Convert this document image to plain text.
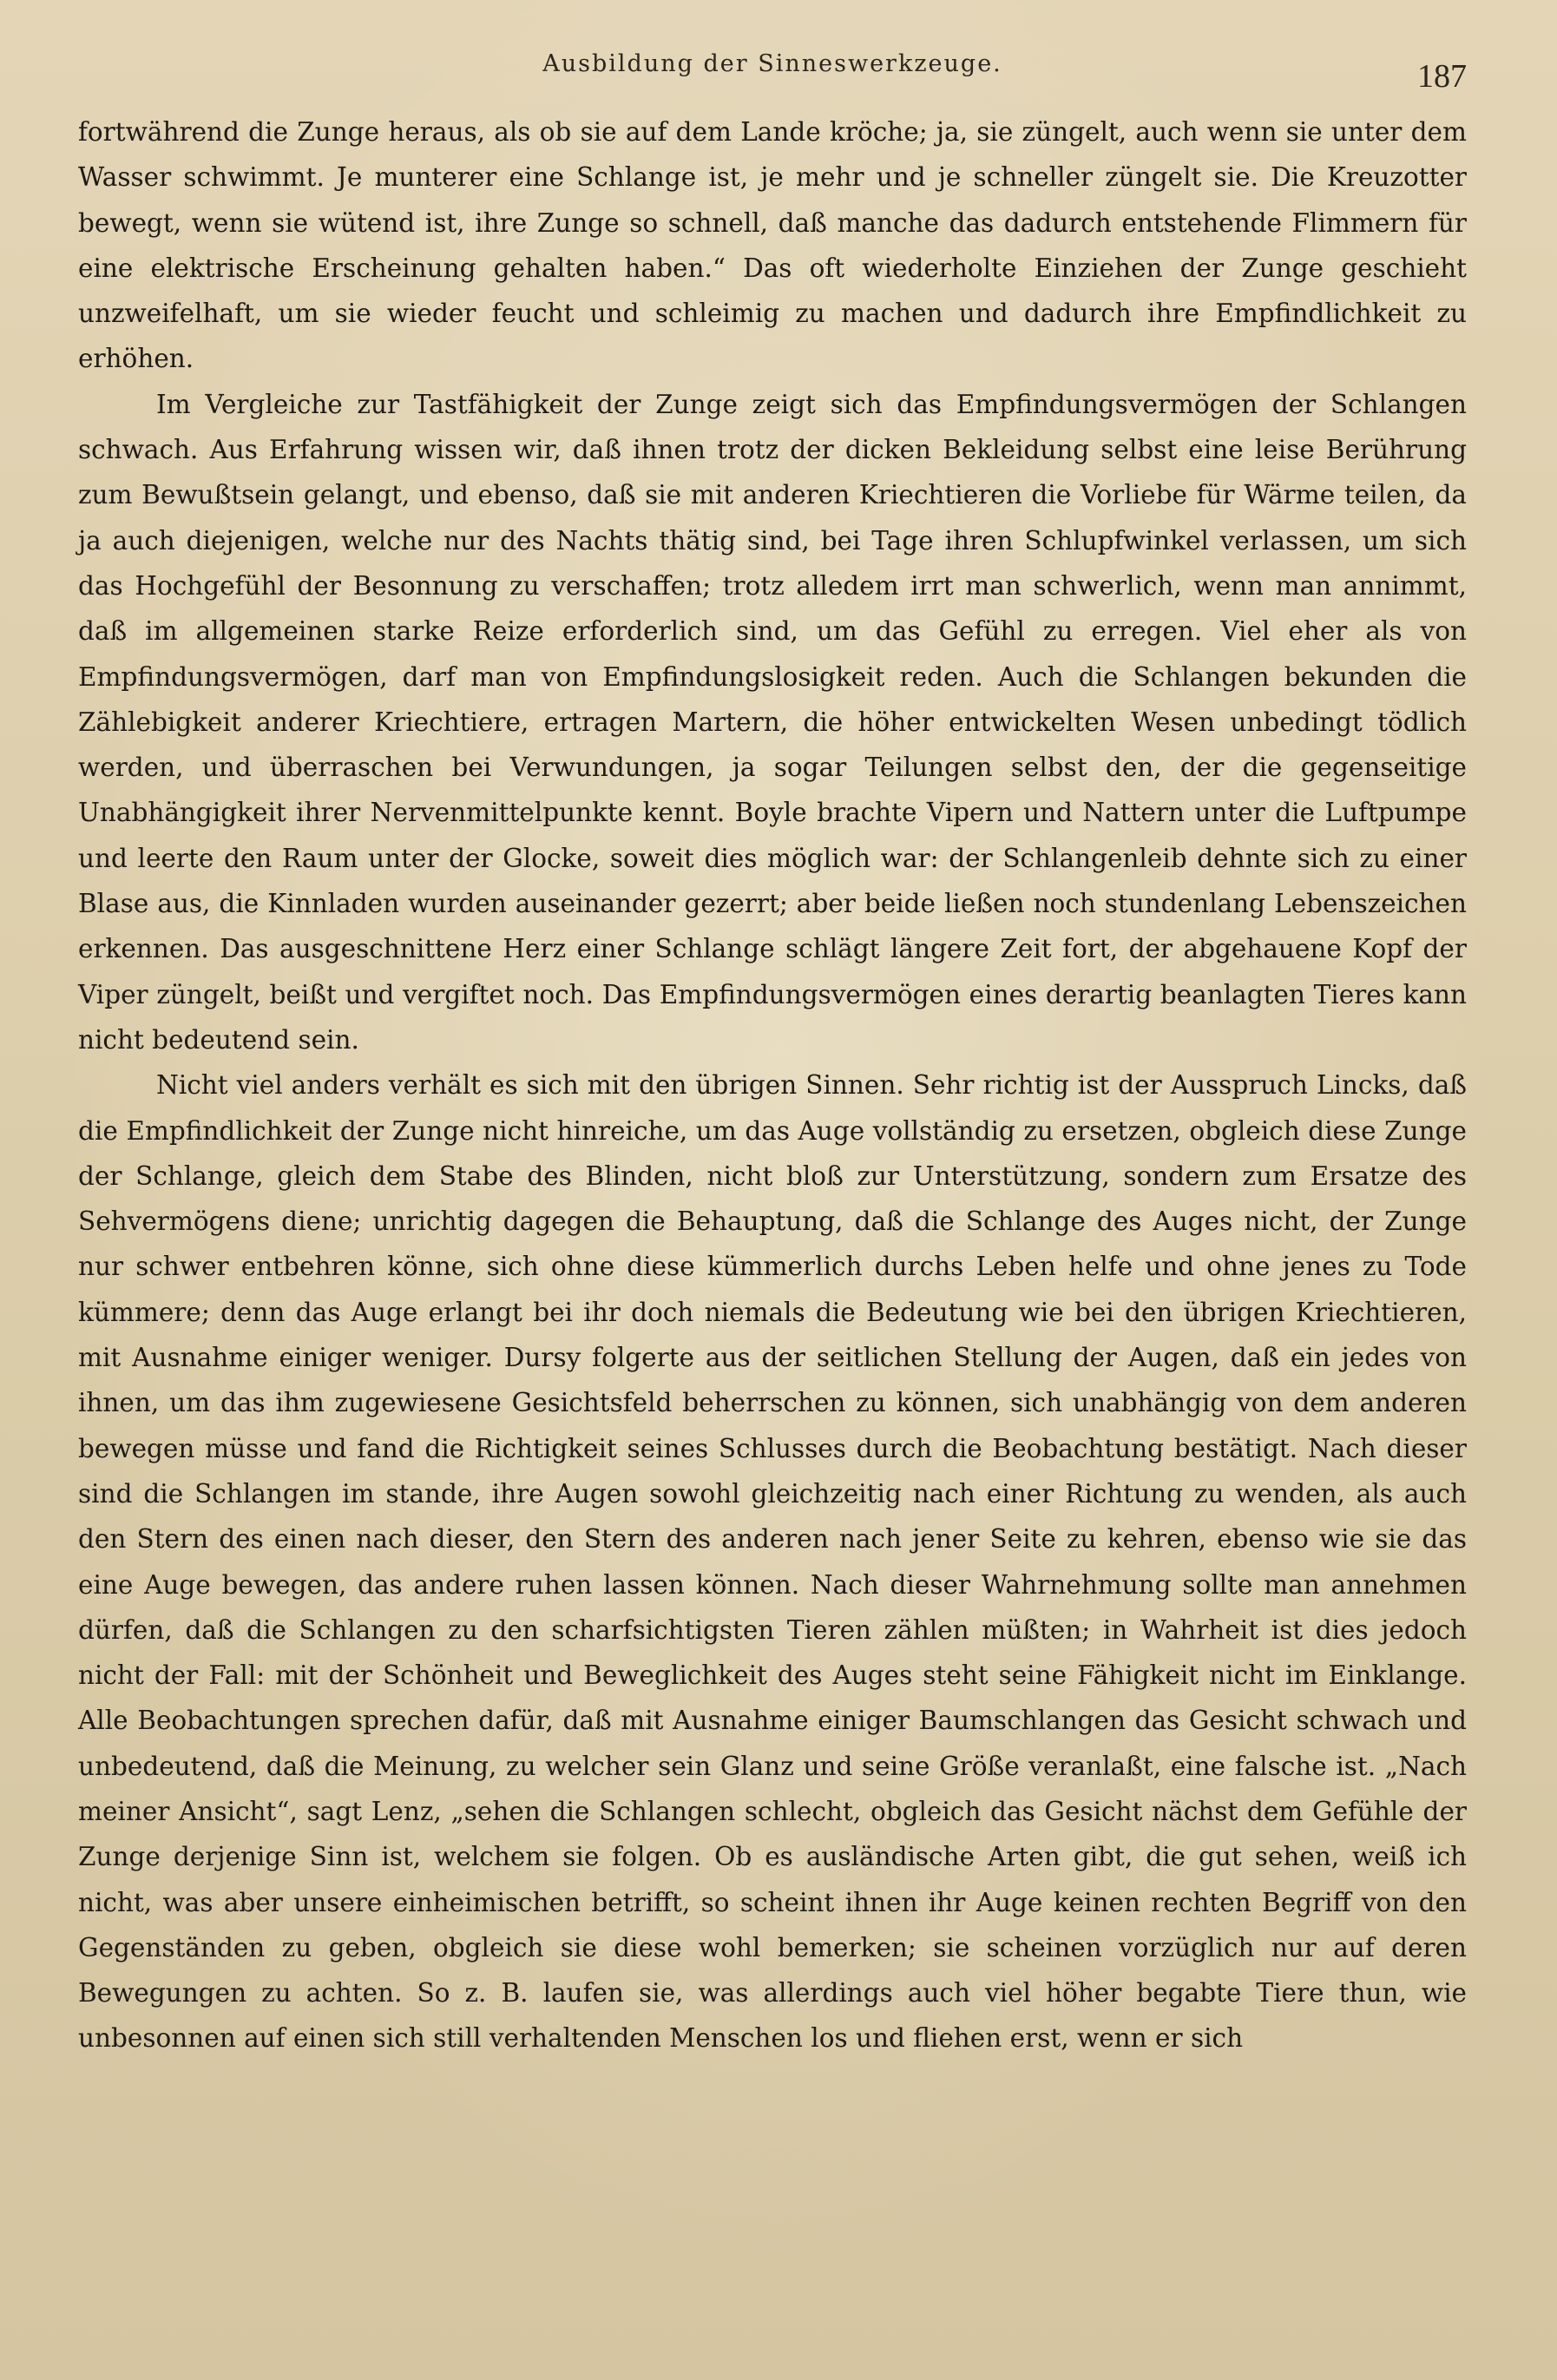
Ausbildung der Sinneswerkzeuge.	187

fortwährend die Zunge heraus, als ob sie auf dem Lande kröche; ja, sie züngelt, auch wenn sie unter dem Wasser schwimmt. Je munterer eine Schlange ist, je mehr und je schneller züngelt sie. Die Kreuzotter bewegt, wenn sie wütend ist, ihre Zunge so schnell, daß manche das dadurch entstehende Flimmern für eine elektrische Erscheinung gehalten haben.“ Das oft wiederholte Einziehen der Zunge geschieht unzweifelhaft, um sie wieder feucht und schleimig zu machen und dadurch ihre Empfindlichkeit zu erhöhen.

Im Vergleiche zur Tastfähigkeit der Zunge zeigt sich das Empfindungsvermögen der Schlangen schwach. Aus Erfahrung wissen wir, daß ihnen trotz der dicken Bekleidung selbst eine leise Berührung zum Bewußtsein gelangt, und ebenso, daß sie mit anderen Kriechtieren die Vorliebe für Wärme teilen, da ja auch diejenigen, welche nur des Nachts thätig sind, bei Tage ihren Schlupfwinkel verlassen, um sich das Hochgefühl der Besonnung zu verschaffen; trotz alledem irrt man schwerlich, wenn man annimmt, daß im allgemeinen starke Reize erforderlich sind, um das Gefühl zu erregen. Viel eher als von Empfindungsvermögen, darf man von Empfindungslosigkeit reden. Auch die Schlangen bekunden die Zählebigkeit anderer Kriechtiere, ertragen Martern, die höher entwickelten Wesen unbedingt tödlich werden, und überraschen bei Verwundungen, ja sogar Teilungen selbst den, der die gegenseitige Unabhängigkeit ihrer Nervenmittelpunkte kennt. Boyle brachte Vipern und Nattern unter die Luftpumpe und leerte den Raum unter der Glocke, soweit dies möglich war: der Schlangenleib dehnte sich zu einer Blase aus, die Kinnladen wurden auseinander gezerrt; aber beide ließen noch stundenlang Lebenszeichen erkennen. Das ausgeschnittene Herz einer Schlange schlägt längere Zeit fort, der abgehauene Kopf der Viper züngelt, beißt und vergiftet noch. Das Empfindungsvermögen eines derartig beanlagten Tieres kann nicht bedeutend sein.

Nicht viel anders verhält es sich mit den übrigen Sinnen. Sehr richtig ist der Ausspruch Lincks, daß die Empfindlichkeit der Zunge nicht hinreiche, um das Auge vollständig zu ersetzen, obgleich diese Zunge der Schlange, gleich dem Stabe des Blinden, nicht bloß zur Unterstützung, sondern zum Ersatze des Sehvermögens diene; unrichtig dagegen die Behauptung, daß die Schlange des Auges nicht, der Zunge nur schwer entbehren könne, sich ohne diese kümmerlich durchs Leben helfe und ohne jenes zu Tode kümmere; denn das Auge erlangt bei ihr doch niemals die Bedeutung wie bei den übrigen Kriechtieren, mit Ausnahme einiger weniger. Dursy folgerte aus der seitlichen Stellung der Augen, daß ein jedes von ihnen, um das ihm zugewiesene Gesichtsfeld beherrschen zu können, sich unabhängig von dem anderen bewegen müsse und fand die Richtigkeit seines Schlusses durch die Beobachtung bestätigt. Nach dieser sind die Schlangen im stande, ihre Augen sowohl gleichzeitig nach einer Richtung zu wenden, als auch den Stern des einen nach dieser, den Stern des anderen nach jener Seite zu kehren, ebenso wie sie das eine Auge bewegen, das andere ruhen lassen können. Nach dieser Wahrnehmung sollte man annehmen dürfen, daß die Schlangen zu den scharfsichtigsten Tieren zählen müßten; in Wahrheit ist dies jedoch nicht der Fall: mit der Schönheit und Beweglichkeit des Auges steht seine Fähigkeit nicht im Einklange. Alle Beobachtungen sprechen dafür, daß mit Ausnahme einiger Baumschlangen das Gesicht schwach und unbedeutend, daß die Meinung, zu welcher sein Glanz und seine Größe veranlaßt, eine falsche ist. „Nach meiner Ansicht“, sagt Lenz, „sehen die Schlangen schlecht, obgleich das Gesicht nächst dem Gefühle der Zunge derjenige Sinn ist, welchem sie folgen. Ob es ausländische Arten gibt, die gut sehen, weiß ich nicht, was aber unsere einheimischen betrifft, so scheint ihnen ihr Auge keinen rechten Begriff von den Gegenständen zu geben, obgleich sie diese wohl bemerken; sie scheinen vorzüglich nur auf deren Bewegungen zu achten. So z. B. laufen sie, was allerdings auch viel höher begabte Tiere thun, wie unbesonnen auf einen sich still verhaltenden Menschen los und fliehen erst, wenn er sich
